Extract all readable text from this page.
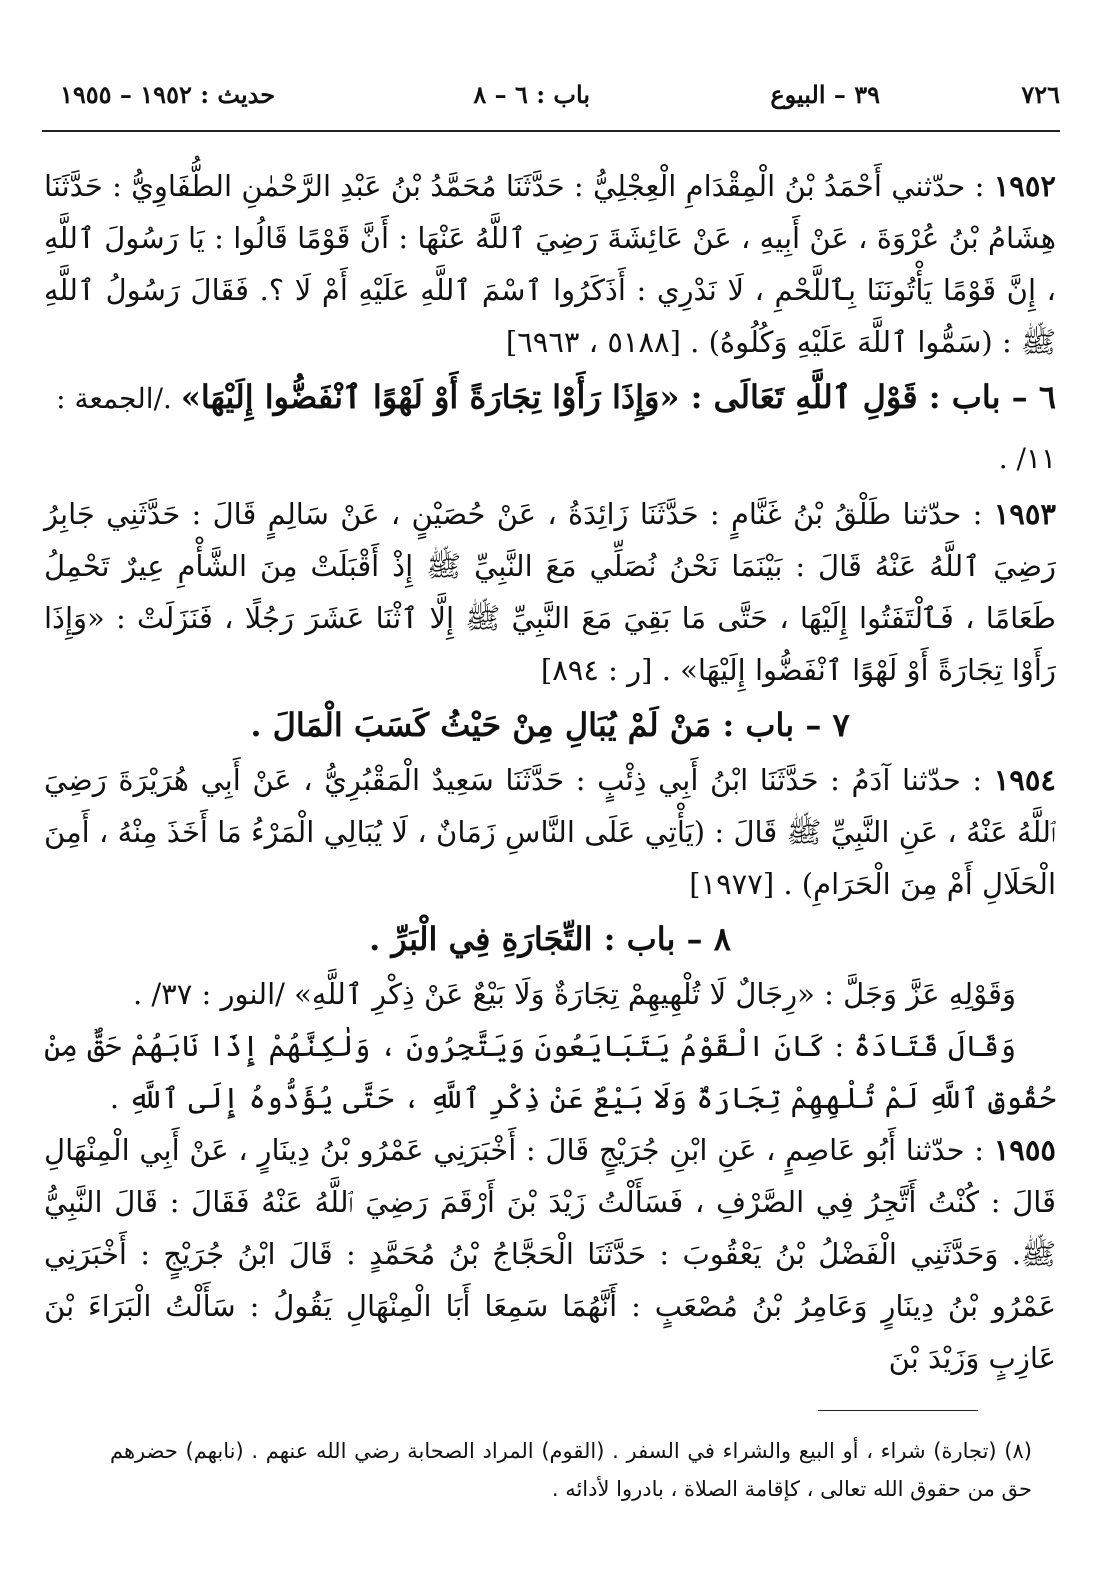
٧٢٦
٣٩ – البيوع
باب : ٦ – ٨
حديث : ١٩٥٢ – ١٩٥٥

١٩٥٢ : حدّثني أَحْمَدُ بْنُ الْمِقْدَامِ الْعِجْلِيُّ : حَدَّثَنَا مُحَمَّدُ بْنُ عَبْدِ الرَّحْمٰنِ الطُّفَاوِيُّ : حَدَّثَنَا هِشَامُ بْنُ عُرْوَةَ ، عَنْ أَبِيهِ ، عَنْ عَائِشَةَ رَضِيَ ٱللَّهُ عَنْهَا : أَنَّ قَوْمًا قَالُوا : يَا رَسُولَ ٱللَّهِ ، إِنَّ قَوْمًا يَأْتُونَنَا بِٱللَّحْمِ ، لَا نَدْرِي : أَذَكَرُوا ٱسْمَ ٱللَّهِ عَلَيْهِ أَمْ لَا ؟. فَقَالَ رَسُولُ ٱللَّهِ ﷺ : (سَمُّوا ٱللَّهَ عَلَيْهِ وَكُلُوهُ) . [٥١٨٨ ، ٦٩٦٣]

٦ – باب : قَوْلِ ٱللَّهِ تَعَالَى : «وَإِذَا رَأَوْا تِجَارَةً أَوْ لَهْوًا ٱنْفَضُّوا إِلَيْهَا» ./الجمعة : ١١/ .

١٩٥٣ : حدّثنا طَلْقُ بْنُ غَنَّامٍ : حَدَّثَنَا زَائِدَةُ ، عَنْ حُصَيْنٍ ، عَنْ سَالِمٍ قَالَ : حَدَّثَنِي جَابِرُ رَضِيَ ٱللَّهُ عَنْهُ قَالَ : بَيْنَمَا نَحْنُ نُصَلِّي مَعَ النَّبِيِّ ﷺ إِذْ أَقْبَلَتْ مِنَ الشَّأْمِ عِيرٌ تَحْمِلُ طَعَامًا ، فَٱلْتَفَتُوا إِلَيْهَا ، حَتَّى مَا بَقِيَ مَعَ النَّبِيِّ ﷺ إِلَّا ٱثْنَا عَشَرَ رَجُلًا ، فَنَزَلَتْ : «وَإِذَا رَأَوْا تِجَارَةً أَوْ لَهْوًا ٱنْفَضُّوا إِلَيْهَا» . [ر : ٨٩٤]

٧ – باب : مَنْ لَمْ يُبَالِ مِنْ حَيْثُ كَسَبَ الْمَالَ .

١٩٥٤ : حدّثنا آدَمُ : حَدَّثَنَا ابْنُ أَبِي ذِئْبٍ : حَدَّثَنَا سَعِيدٌ الْمَقْبُرِيُّ ، عَنْ أَبِي هُرَيْرَةَ رَضِيَ ٱللَّهُ عَنْهُ ، عَنِ النَّبِيِّ ﷺ قَالَ : (يَأْتِي عَلَى النَّاسِ زَمَانٌ ، لَا يُبَالِي الْمَرْءُ مَا أَخَذَ مِنْهُ ، أَمِنَ الْحَلَالِ أَمْ مِنَ الْحَرَامِ) . [١٩٧٧]

٨ – باب : التِّجَارَةِ فِي الْبَرِّ .

وَقَوْلِهِ عَزَّ وَجَلَّ : «رِجَالٌ لَا تُلْهِيهِمْ تِجَارَةٌ وَلَا بَيْعٌ عَنْ ذِكْرِ ٱللَّهِ» /النور : ٣٧/ .

وَقَالَ قَتَادَةُ : كَانَ الْقَوْمُ يَتَبَايَعُونَ وَيَتَّجِرُونَ ، وَلٰكِنَّهُمْ إِذَا نَابَهُمْ حَقٌّ مِنْ حُقُوقِ ٱللَّهِ لَمْ تُلْهِهِمْ تِجَارَةٌ وَلَا بَيْعٌ عَنْ ذِكْرِ ٱللَّهِ ، حَتَّى يُؤَدُّوهُ إِلَى ٱللَّهِ .

١٩٥٥ : حدّثنا أَبُو عَاصِمٍ ، عَنِ ابْنِ جُرَيْجٍ قَالَ : أَخْبَرَنِي عَمْرُو بْنُ دِينَارٍ ، عَنْ أَبِي الْمِنْهَالِ قَالَ : كُنْتُ أَتَّجِرُ فِي الصَّرْفِ ، فَسَأَلْتُ زَيْدَ بْنَ أَرْقَمَ رَضِيَ ٱللَّهُ عَنْهُ فَقَالَ : قَالَ النَّبِيُّ ﷺ. وَحَدَّثَنِي الْفَضْلُ بْنُ يَعْقُوبَ : حَدَّثَنَا الْحَجَّاجُ بْنُ مُحَمَّدٍ : قَالَ ابْنُ جُرَيْجٍ : أَخْبَرَنِي عَمْرُو بْنُ دِينَارٍ وَعَامِرُ بْنُ مُصْعَبٍ : أَنَّهُمَا سَمِعَا أَبَا الْمِنْهَالِ يَقُولُ : سَأَلْتُ الْبَرَاءَ بْنَ عَازِبٍ وَزَيْدَ بْنَ

(٨) (تجارة) شراء ، أو البيع والشراء في السفر . (القوم) المراد الصحابة رضي الله عنهم . (نابهم) حضرهم حق من حقوق الله تعالى ، كإقامة الصلاة ، بادروا لأدائه .
